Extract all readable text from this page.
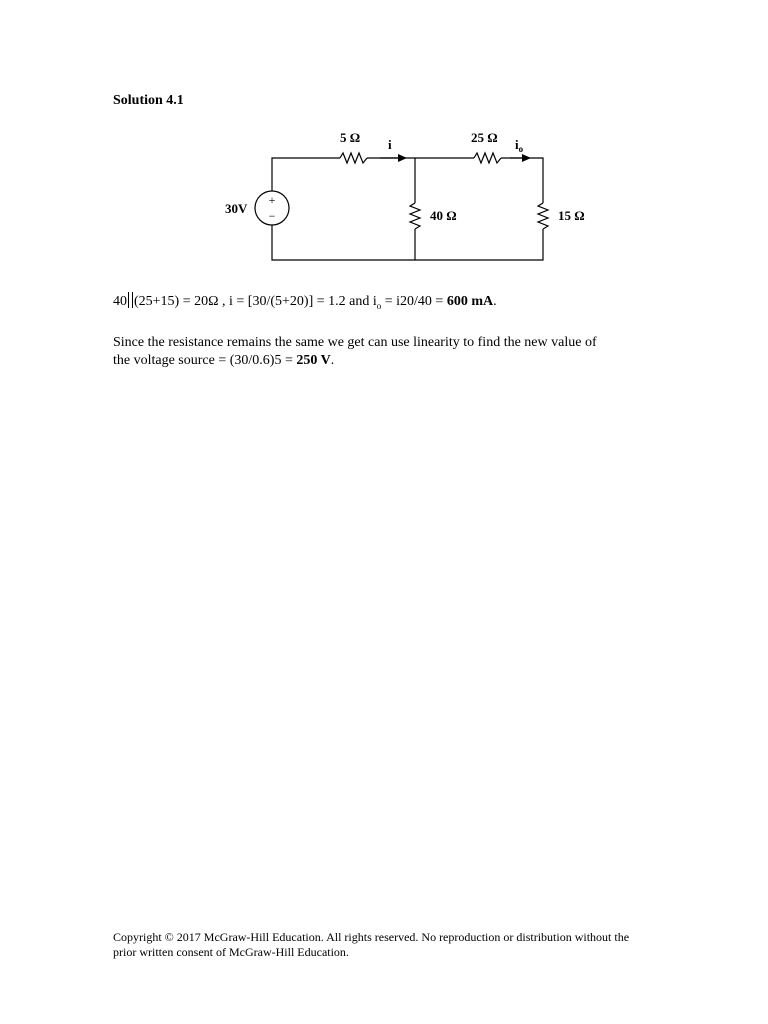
Solution 4.1
+
−
30V
5 Ω i	25 Ω $i_o$
40 Ω	15 Ω
40 (25+15) = 20Ω , i = [30/(5+20)] = 1.2 and $i_o = i20/40 = 600$ mA.
Since the resistance remains the same we get can use linearity to find the new value of
the voltage source = (30/0.6)5 = 250 V.
Copyright © 2017 McGraw-Hill Education. All rights reserved. No reproduction or distribution without the
prior written consent of McGraw-Hill Education.
